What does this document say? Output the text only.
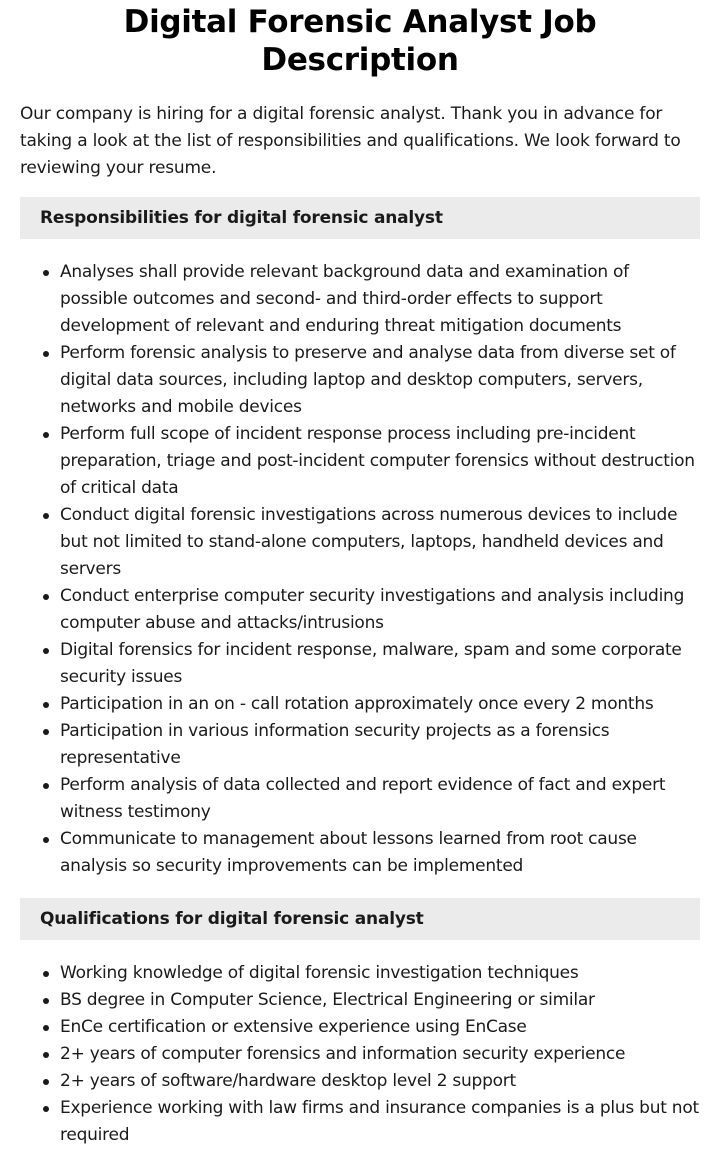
Digital Forensic Analyst Job Description

Our company is hiring for a digital forensic analyst. Thank you in advance for taking a look at the list of responsibilities and qualifications. We look forward to reviewing your resume.

Responsibilities for digital forensic analyst
Analyses shall provide relevant background data and examination of possible outcomes and second- and third-order effects to support development of relevant and enduring threat mitigation documents
Perform forensic analysis to preserve and analyse data from diverse set of digital data sources, including laptop and desktop computers, servers, networks and mobile devices
Perform full scope of incident response process including pre-incident preparation, triage and post-incident computer forensics without destruction of critical data
Conduct digital forensic investigations across numerous devices to include but not limited to stand-alone computers, laptops, handheld devices and servers
Conduct enterprise computer security investigations and analysis including computer abuse and attacks/intrusions
Digital forensics for incident response, malware, spam and some corporate security issues
Participation in an on - call rotation approximately once every 2 months
Participation in various information security projects as a forensics representative
Perform analysis of data collected and report evidence of fact and expert witness testimony
Communicate to management about lessons learned from root cause analysis so security improvements can be implemented
Qualifications for digital forensic analyst
Working knowledge of digital forensic investigation techniques
BS degree in Computer Science, Electrical Engineering or similar
EnCe certification or extensive experience using EnCase
2+ years of computer forensics and information security experience
2+ years of software/hardware desktop level 2 support
Experience working with law firms and insurance companies is a plus but not required
